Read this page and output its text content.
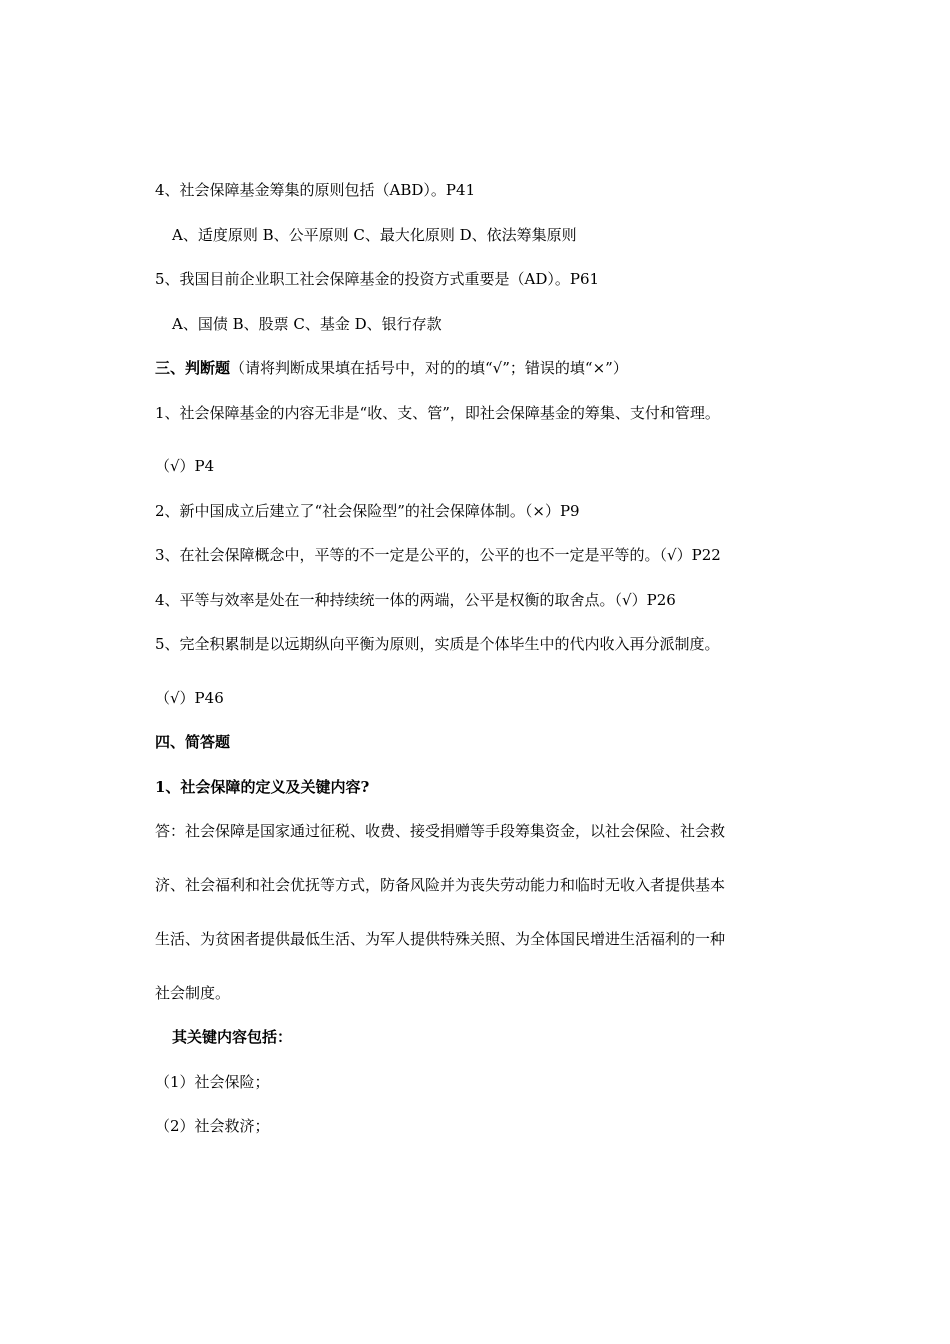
4、社会保障基金筹集的原则包括（ABD）。P41
A、适度原则 B、公平原则 C、最大化原则 D、依法筹集原则
5、我国目前企业职工社会保障基金的投资方式重要是（AD）。P61
A、国债 B、股票 C、基金 D、银行存款
三、判断题（请将判断成果填在括号中，对的的填“√”；错误的填“×”）
1、社会保障基金的内容无非是“收、支、管”，即社会保障基金的筹集、支付和管理。
（√）P4
2、新中国成立后建立了“社会保险型”的社会保障体制。（×）P9
3、在社会保障概念中，平等的不一定是公平的，公平的也不一定是平等的。（√）P22
4、平等与效率是处在一种持续统一体的两端，公平是权衡的取舍点。（√）P26
5、完全积累制是以远期纵向平衡为原则，实质是个体毕生中的代内收入再分派制度。
（√）P46
四、简答题
1、社会保障的定义及关键内容?
答：社会保障是国家通过征税、收费、接受捐赠等手段筹集资金，以社会保险、社会救
济、社会福利和社会优抚等方式，防备风险并为丧失劳动能力和临时无收入者提供基本
生活、为贫困者提供最低生活、为军人提供特殊关照、为全体国民增进生活福利的一种
社会制度。
其关键内容包括：
（1）社会保险；
（2）社会救济；
